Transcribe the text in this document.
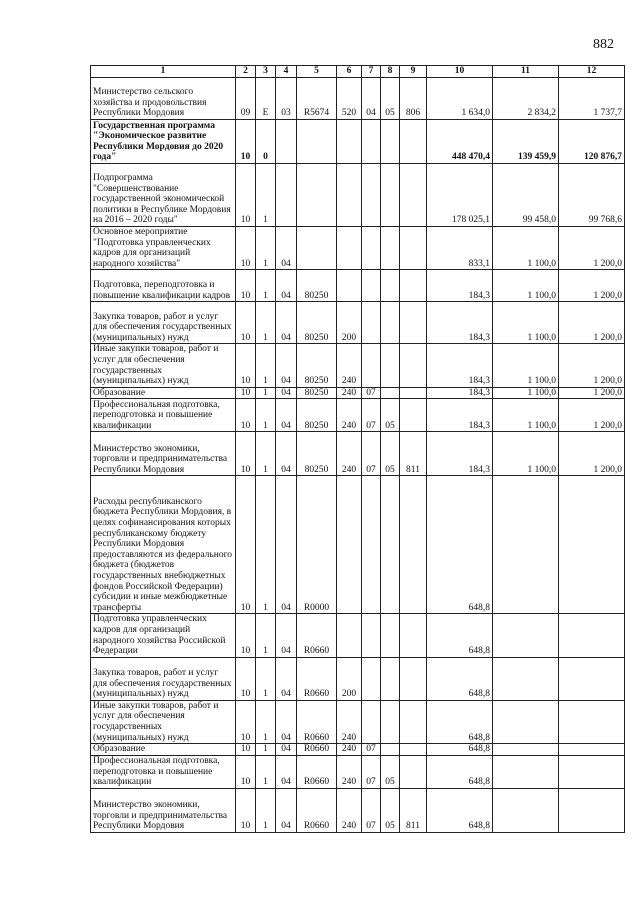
882
1	2	3	4	5	6	7	8	9	10	11	12
Министерство сельского хозяйства и продовольствия Республики Мордовия	09	Е	03	R5674	520	04	05	806	1 634,0	2 834,2	1 737,7
Государственная программа "Экономическое развитие Республики Мордовия до 2020 года"	10	0							448 470,4	139 459,9	120 876,7
Подпрограмма "Совершенствование государственной экономической политики в Республике Мордовия на 2016 – 2020 годы"	10	1							178 025,1	99 458,0	99 768,6
Основное мероприятие "Подготовка управленческих кадров для организаций народного хозяйства"	10	1	04						833,1	1 100,0	1 200,0
Подготовка, переподготовка и повышение квалификации кадров	10	1	04	80250					184,3	1 100,0	1 200,0
Закупка товаров, работ и услуг для обеспечения государственных (муниципальных) нужд	10	1	04	80250	200				184,3	1 100,0	1 200,0
Иные закупки товаров, работ и услуг для обеспечения государственных (муниципальных) нужд	10	1	04	80250	240				184,3	1 100,0	1 200,0
Образование	10	1	04	80250	240	07			184,3	1 100,0	1 200,0
Профессиональная подготовка, переподготовка и повышение квалификации	10	1	04	80250	240	07	05		184,3	1 100,0	1 200,0
Министерство экономики, торговли и предпринимательства Республики Мордовия	10	1	04	80250	240	07	05	811	184,3	1 100,0	1 200,0
Расходы республиканского бюджета Республики Мордовия, в целях софинансирования которых республиканскому бюджету Республики Мордовия предоставляются из федерального бюджета (бюджетов государственных внебюджетных фондов Российской Федерации) субсидии и иные межбюджетные трансферты	10	1	04	R0000					648,8		
Подготовка управленческих кадров для организаций народного хозяйства Российской Федерации	10	1	04	R0660					648,8		
Закупка товаров, работ и услуг для обеспечения государственных (муниципальных) нужд	10	1	04	R0660	200				648,8		
Иные закупки товаров, работ и услуг для обеспечения государственных (муниципальных) нужд	10	1	04	R0660	240				648,8		
Образование	10	1	04	R0660	240	07			648,8		
Профессиональная подготовка, переподготовка и повышение квалификации	10	1	04	R0660	240	07	05		648,8		
Министерство экономики, торговли и предпринимательства Республики Мордовия	10	1	04	R0660	240	07	05	811	648,8		
